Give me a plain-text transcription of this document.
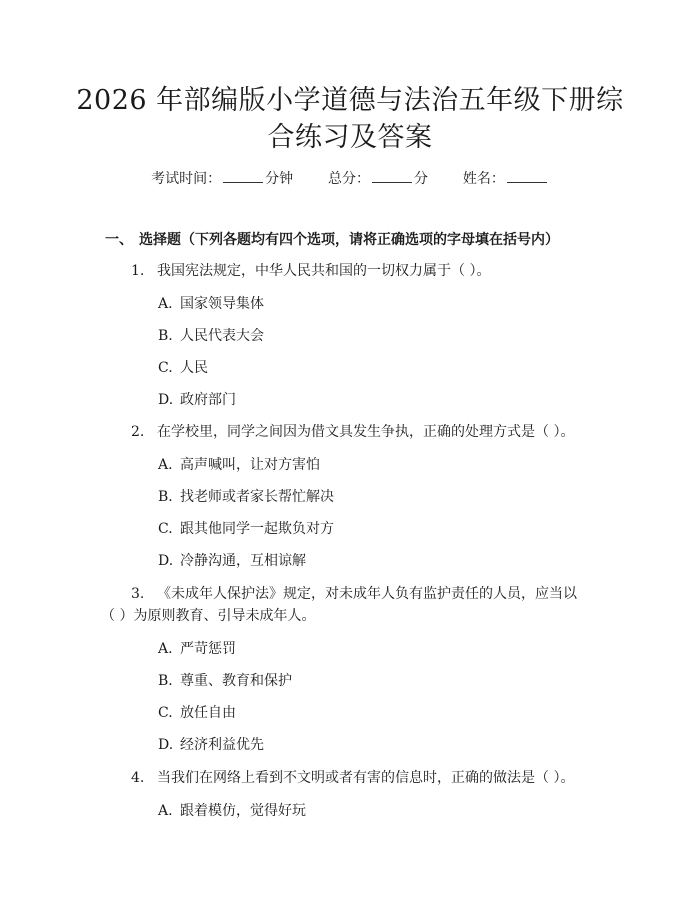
2026 年部编版小学道德与法治五年级下册综
合练习及答案
考试时间：	分钟 总分：	分 姓名：
一、 选择题（下列各题均有四个选项，请将正确选项的字母填在括号内）
1. 我国宪法规定，中华人民共和国的一切权力属于（ ）。
A. 国家领导集体
B. 人民代表大会
C. 人民
D. 政府部门
2. 在学校里，同学之间因为借文具发生争执，正确的处理方式是（ ）。
A. 高声喊叫，让对方害怕
B. 找老师或者家长帮忙解决
C. 跟其他同学一起欺负对方
D. 冷静沟通，互相谅解
3. 《未成年人保护法》规定，对未成年人负有监护责任的人员，应当以
（ ）为原则教育、引导未成年人。
A. 严苛惩罚
B. 尊重、教育和保护
C. 放任自由
D. 经济利益优先
4. 当我们在网络上看到不文明或者有害的信息时，正确的做法是（ ）。
A. 跟着模仿，觉得好玩
